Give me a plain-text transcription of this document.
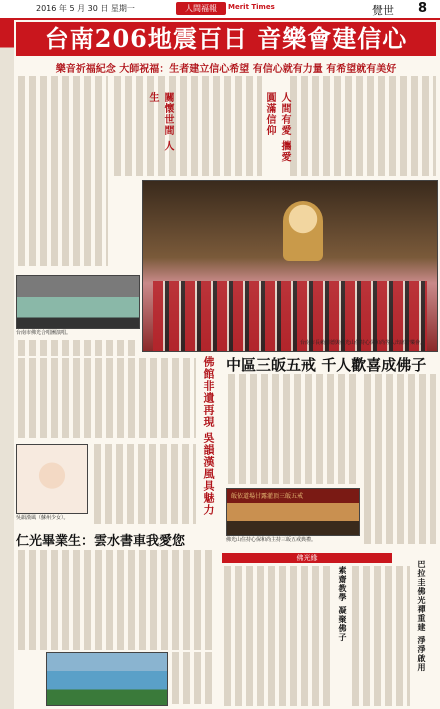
2016 年 5 月 30 日 星期一	人間福報	Merit Times	覺世 8
台南206地震百日 音樂會建信心
樂音祈福紀念 大師祝福：生者建立信心希望 有信心就有力量 有希望就有美好
關懷世間 人生	人間有愛 攜愛圓滿信仰
台南市長賴清德與佛光山住持心保和尚等人出席音樂會。
台南市佛光合唱團演唱。
佛館非遺再現
吳韻漢風具魅力
吳韻漢風（蘇州少女）。
中區三皈五戒 千人歡喜成佛子
皈依道場甘露灌頂三皈五戒
佛光山住持心保和尚主持三皈五戒典禮。
仁光畢業生：雲水書車我愛您
佛光緣
素齋教學
凝聚佛子	巴拉圭佛光禪重建 淨淨啟用
